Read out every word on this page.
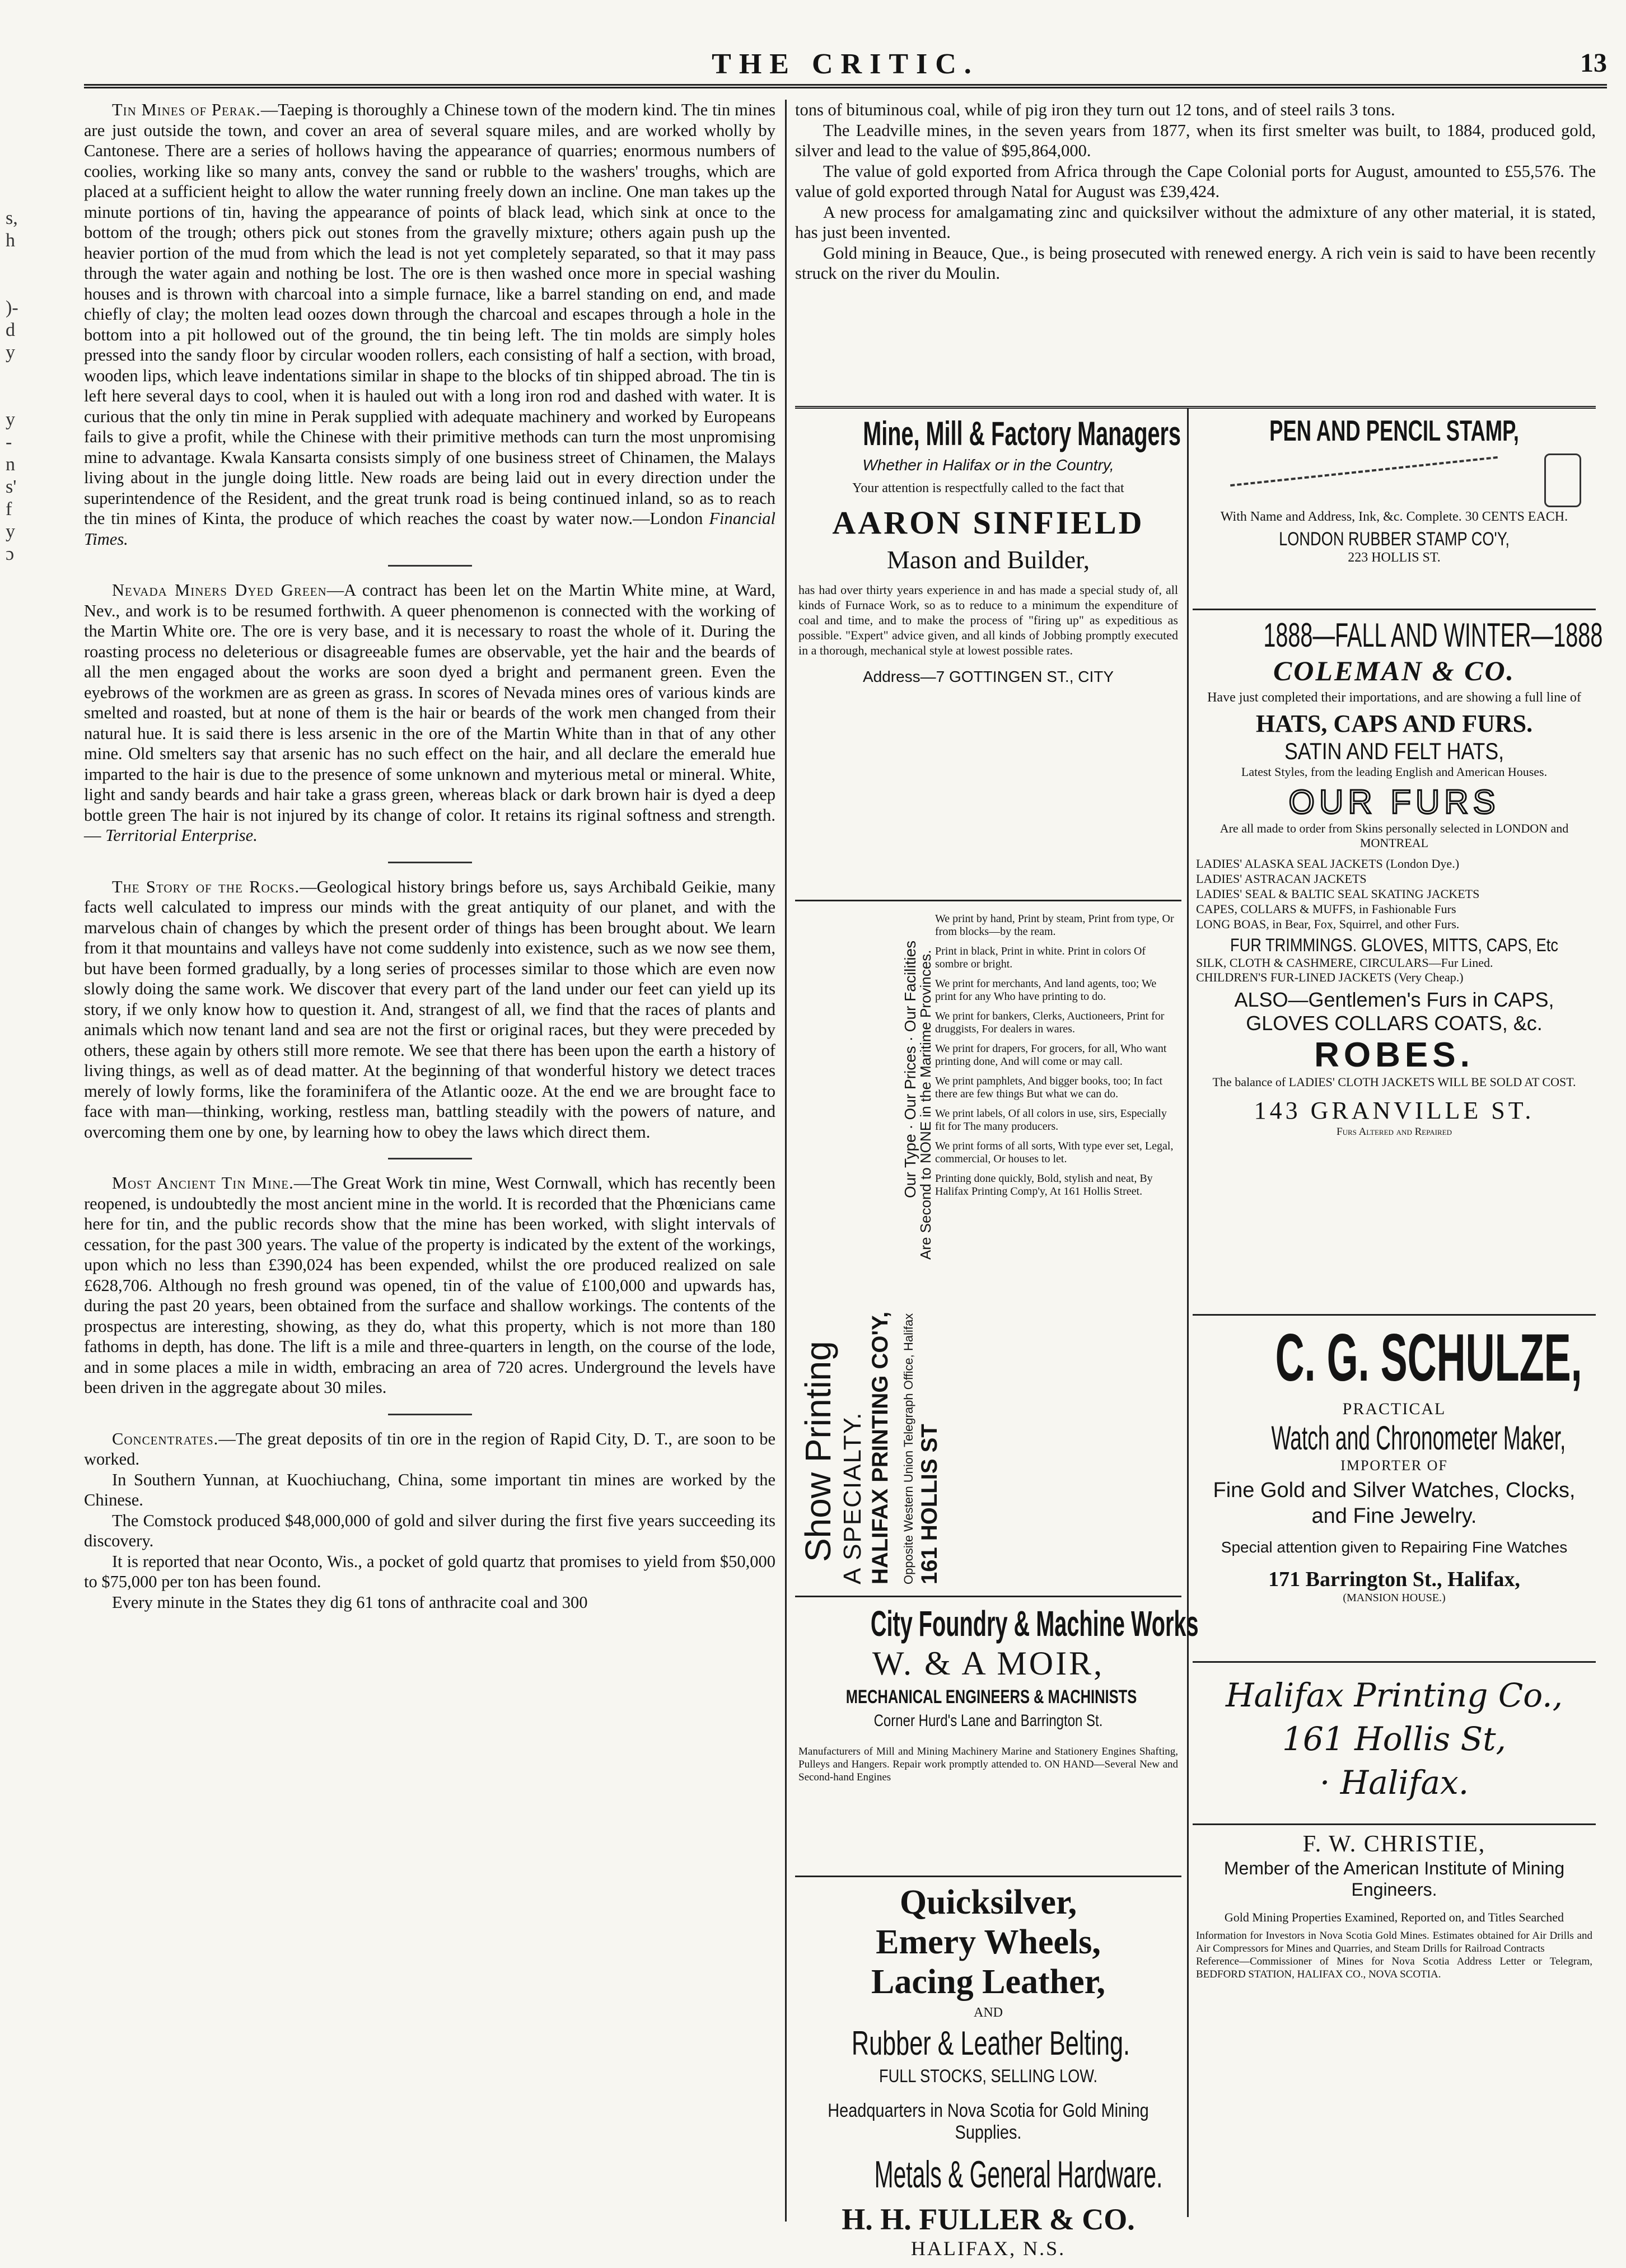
s,
h
)-
d
y
y
-
n
s'
f
y
ɔ
THE CRITIC.	13

Tin Mines of Perak.—Taeping is thoroughly a Chinese town of the modern kind. The tin mines are just outside the town, and cover an area of several square miles, and are worked wholly by Cantonese. There are a series of hollows having the appearance of quarries; enormous numbers of coolies, working like so many ants, convey the sand or rubble to the washers' troughs, which are placed at a sufficient height to allow the water running freely down an incline. One man takes up the minute portions of tin, having the appearance of points of black lead, which sink at once to the bottom of the trough; others pick out stones from the gravelly mixture; others again push up the heavier portion of the mud from which the lead is not yet completely separated, so that it may pass through the water again and nothing be lost. The ore is then washed once more in special washing houses and is thrown with charcoal into a simple furnace, like a barrel standing on end, and made chiefly of clay; the molten lead oozes down through the charcoal and escapes through a hole in the bottom into a pit hollowed out of the ground, the tin being left. The tin molds are simply holes pressed into the sandy floor by circular wooden rollers, each consisting of half a section, with broad, wooden lips, which leave indentations similar in shape to the blocks of tin shipped abroad. The tin is left here several days to cool, when it is hauled out with a long iron rod and dashed with water. It is curious that the only tin mine in Perak supplied with adequate machinery and worked by Europeans fails to give a profit, while the Chinese with their primitive methods can turn the most unpromising mine to advantage. Kwala Kansarta consists simply of one business street of Chinamen, the Malays living about in the jungle doing little. New roads are being laid out in every direction under the superintendence of the Resident, and the great trunk road is being continued inland, so as to reach the tin mines of Kinta, the produce of which reaches the coast by water now.—London Financial Times.

Nevada Miners Dyed Green—A contract has been let on the Martin White mine, at Ward, Nev., and work is to be resumed forthwith. A queer phenomenon is connected with the working of the Martin White ore. The ore is very base, and it is necessary to roast the whole of it. During the roasting process no deleterious or disagreeable fumes are observable, yet the hair and the beards of all the men engaged about the works are soon dyed a bright and permanent green. Even the eyebrows of the workmen are as green as grass. In scores of Nevada mines ores of various kinds are smelted and roasted, but at none of them is the hair or beards of the work men changed from their natural hue. It is said there is less arsenic in the ore of the Martin White than in that of any other mine. Old smelters say that arsenic has no such effect on the hair, and all declare the emerald hue imparted to the hair is due to the presence of some unknown and myterious metal or mineral. White, light and sandy beards and hair take a grass green, whereas black or dark brown hair is dyed a deep bottle green The hair is not injured by its change of color. It retains its riginal softness and strength.— Territorial Enterprise.

The Story of the Rocks.—Geological history brings before us, says Archibald Geikie, many facts well calculated to impress our minds with the great antiquity of our planet, and with the marvelous chain of changes by which the present order of things has been brought about. We learn from it that mountains and valleys have not come suddenly into existence, such as we now see them, but have been formed gradually, by a long series of processes similar to those which are even now slowly doing the same work. We discover that every part of the land under our feet can yield up its story, if we only know how to question it. And, strangest of all, we find that the races of plants and animals which now tenant land and sea are not the first or original races, but they were preceded by others, these again by others still more remote. We see that there has been upon the earth a history of living things, as well as of dead matter. At the beginning of that wonderful history we detect traces merely of lowly forms, like the foraminifera of the Atlantic ooze. At the end we are brought face to face with man—thinking, working, restless man, battling steadily with the powers of nature, and overcoming them one by one, by learning how to obey the laws which direct them.

Most Ancient Tin Mine.—The Great Work tin mine, West Cornwall, which has recently been reopened, is undoubtedly the most ancient mine in the world. It is recorded that the Phœnicians came here for tin, and the public records show that the mine has been worked, with slight intervals of cessation, for the past 300 years. The value of the property is indicated by the extent of the workings, upon which no less than £390,024 has been expended, whilst the ore produced realized on sale £628,706. Although no fresh ground was opened, tin of the value of £100,000 and upwards has, during the past 20 years, been obtained from the surface and shallow workings. The contents of the prospectus are interesting, showing, as they do, what this property, which is not more than 180 fathoms in depth, has done. The lift is a mile and three-quarters in length, on the course of the lode, and in some places a mile in width, embracing an area of 720 acres. Underground the levels have been driven in the aggregate about 30 miles.

Concentrates.—The great deposits of tin ore in the region of Rapid City, D. T., are soon to be worked.

In Southern Yunnan, at Kuochiuchang, China, some important tin mines are worked by the Chinese.

The Comstock produced $48,000,000 of gold and silver during the first five years succeeding its discovery.

It is reported that near Oconto, Wis., a pocket of gold quartz that promises to yield from $50,000 to $75,000 per ton has been found.

Every minute in the States they dig 61 tons of anthracite coal and 300

tons of bituminous coal, while of pig iron they turn out 12 tons, and of steel rails 3 tons.

The Leadville mines, in the seven years from 1877, when its first smelter was built, to 1884, produced gold, silver and lead to the value of $95,864,000.

The value of gold exported from Africa through the Cape Colonial ports for August, amounted to £55,576. The value of gold exported through Natal for August was £39,424.

A new process for amalgamating zinc and quicksilver without the admixture of any other material, it is stated, has just been invented.

Gold mining in Beauce, Que., is being prosecuted with renewed energy. A rich vein is said to have been recently struck on the river du Moulin.

Mine, Mill & Factory Managers
Whether in Halifax or in the Country,
Your attention is respectfully called to the fact that
AARON SINFIELD
Mason and Builder,
has had over thirty years experience in and has made a special study of, all kinds of Furnace Work, so as to reduce to a minimum the expenditure of coal and time, and to make the process of "firing up" as expeditious as possible. "Expert" advice given, and all kinds of Jobbing promptly executed in a thorough, mechanical style at lowest possible rates.
Address—7 GOTTINGEN ST., CITY
Show Printing A SPECIALTY. HALIFAX PRINTING CO'Y,
Our Type · Our Prices · Our Facilities
Opposite Western Union Telegraph Office, Halifax
Are Second to NONE in the Maritime Provinces.
161 HOLLIS ST
We print by hand, Print by steam, Print from type, Or from blocks—by the ream.
Print in black, Print in white. Print in colors Of sombre or bright.
We print for merchants, And land agents, too; We print for any Who have printing to do.
We print for bankers, Clerks, Auctioneers, Print for druggists, For dealers in wares.
We print for drapers, For grocers, for all, Who want printing done, And will come or may call.
We print pamphlets, And bigger books, too; In fact there are few things But what we can do.
We print labels, Of all colors in use, sirs, Especially fit for The many producers.
We print forms of all sorts, With type ever set, Legal, commercial, Or houses to let.
Printing done quickly, Bold, stylish and neat, By Halifax Printing Comp'y, At 161 Hollis Street.
City Foundry & Machine Works
W. & A MOIR,
MECHANICAL ENGINEERS & MACHINISTS
Corner Hurd's Lane and Barrington St.
Manufacturers of Mill and Mining Machinery Marine and Stationery Engines Shafting, Pulleys and Hangers. Repair work promptly attended to. ON HAND—Several New and Second-hand Engines
Quicksilver,
Emery Wheels,
Lacing Leather,
AND
Rubber & Leather Belting.
FULL STOCKS, SELLING LOW.
Headquarters in Nova Scotia for Gold Mining Supplies.
Metals & General Hardware.
H. H. FULLER & CO.
HALIFAX, N.S.
PEN AND PENCIL STAMP,
With Name and Address, Ink, &c. Complete. 30 CENTS EACH.
LONDON RUBBER STAMP CO'Y,
223 HOLLIS ST.
1888—FALL AND WINTER—1888
COLEMAN & CO.
Have just completed their importations, and are showing a full line of
HATS, CAPS AND FURS.
SATIN AND FELT HATS,
Latest Styles, from the leading English and American Houses.
OUR FURS
Are all made to order from Skins personally selected in LONDON and MONTREAL
LADIES' ALASKA SEAL JACKETS (London Dye.)
LADIES' ASTRACAN JACKETS
LADIES' SEAL & BALTIC SEAL SKATING JACKETS
CAPES, COLLARS & MUFFS, in Fashionable Furs
LONG BOAS, in Bear, Fox, Squirrel, and other Furs.
FUR TRIMMINGS. GLOVES, MITTS, CAPS, Etc
SILK, CLOTH & CASHMERE, CIRCULARS—Fur Lined.
CHILDREN'S FUR-LINED JACKETS (Very Cheap.)
ALSO—Gentlemen's Furs in CAPS, GLOVES COLLARS COATS, &c.
ROBES.
The balance of LADIES' CLOTH JACKETS WILL BE SOLD AT COST.
143 GRANVILLE ST.
Furs Altered and Repaired
C. G. SCHULZE,
PRACTICAL
Watch and Chronometer Maker,
IMPORTER OF
Fine Gold and Silver Watches, Clocks, and Fine Jewelry.
Special attention given to Repairing Fine Watches
171 Barrington St., Halifax,
(MANSION HOUSE.)
Halifax Printing Co.,
161 Hollis St,
· Halifax.
F. W. CHRISTIE,
Member of the American Institute of Mining Engineers.
Gold Mining Properties Examined, Reported on, and Titles Searched
Information for Investors in Nova Scotia Gold Mines. Estimates obtained for Air Drills and Air Compressors for Mines and Quarries, and Steam Drills for Railroad Contracts
Reference—Commissioner of Mines for Nova Scotia Address Letter or Telegram, BEDFORD STATION, HALIFAX CO., NOVA SCOTIA.
